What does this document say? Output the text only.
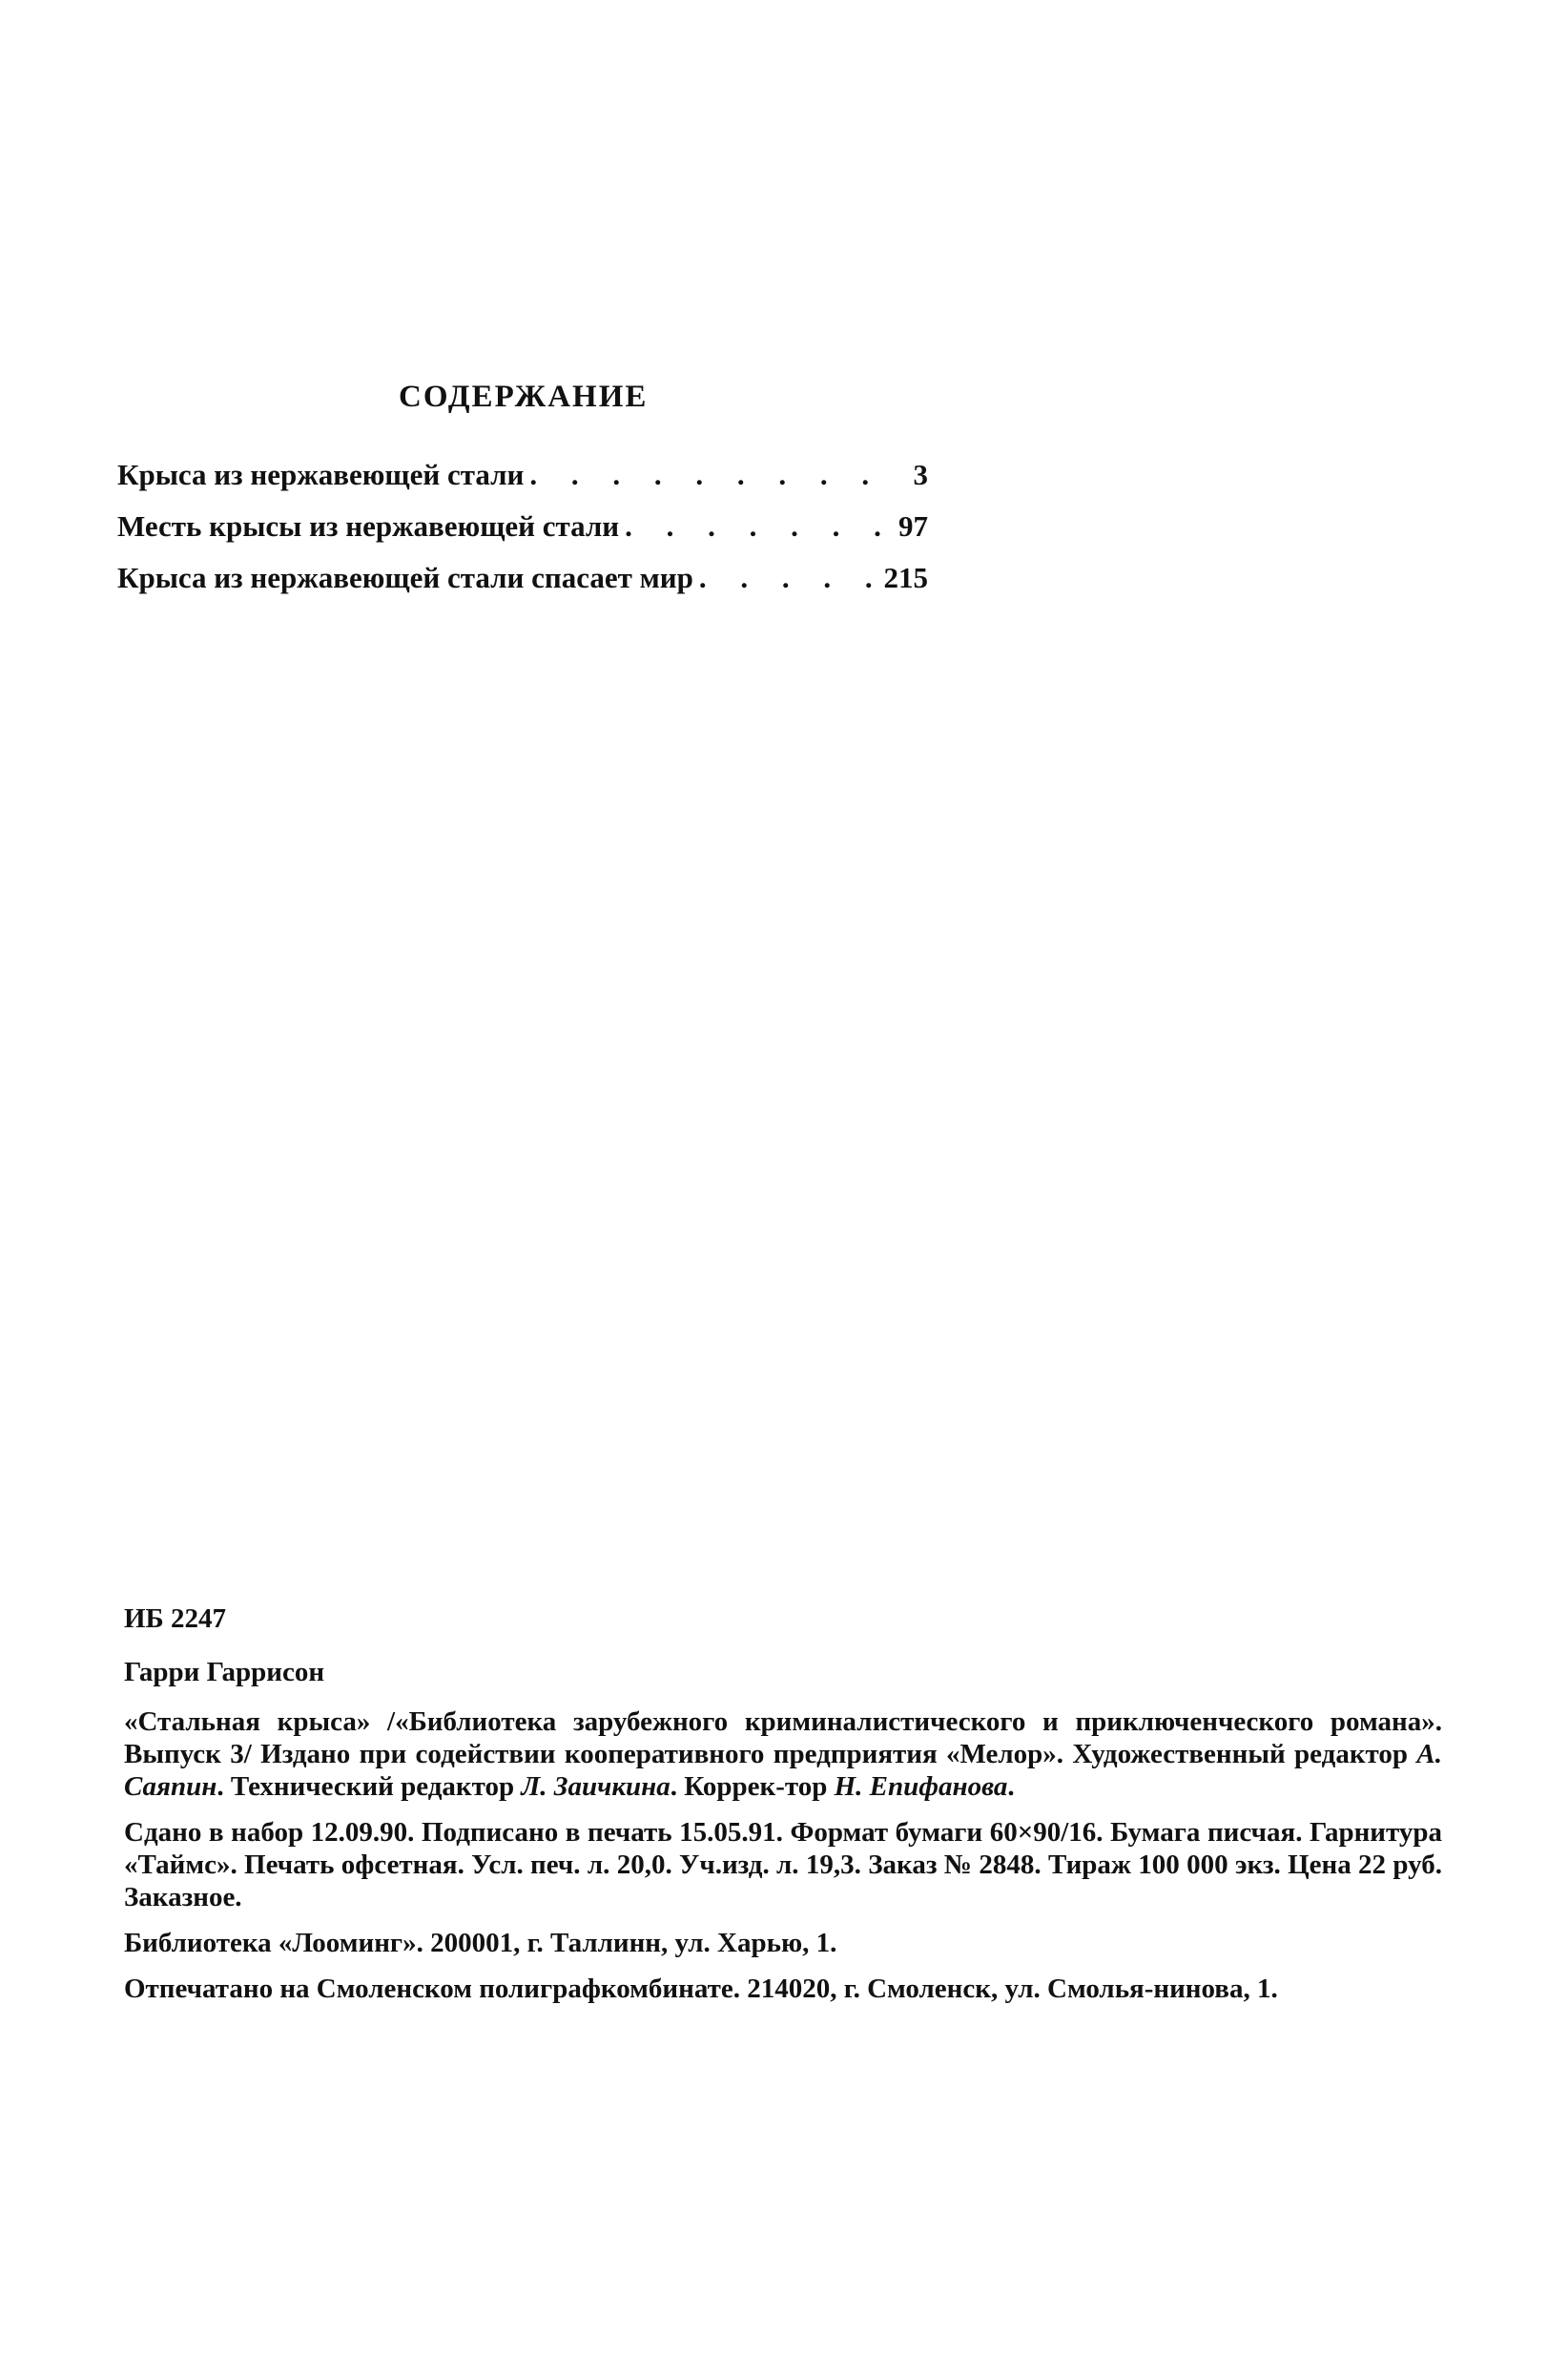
СОДЕРЖАНИЕ
Крыса из нержавеющей стали . . .	3
Месть крысы из нержавеющей стали . . .	97
Крыса из нержавеющей стали спасает мир . . .	215

ИБ 2247

Гарри Гаррисон

«Стальная крыса» /«Библиотека зарубежного криминалистического и приключенческого романа». Выпуск 3/ Издано при содействии кооперативного предприятия «Мелор». Художественный редактор А. Саяпин. Технический редактор Л. Заичкина. Коррек-тор Н. Епифанова.

Сдано в набор 12.09.90. Подписано в печать 15.05.91. Формат бумаги 60×90/16. Бумага писчая. Гарнитура «Таймс». Печать офсетная. Усл. печ. л. 20,0. Уч.изд. л. 19,3. Заказ № 2848. Тираж 100 000 экз. Цена 22 руб. Заказное.

Библиотека «Лооминг». 200001, г. Таллинн, ул. Харью, 1.

Отпечатано на Смоленском полиграфкомбинате. 214020, г. Смоленск, ул. Смолья-нинова, 1.
